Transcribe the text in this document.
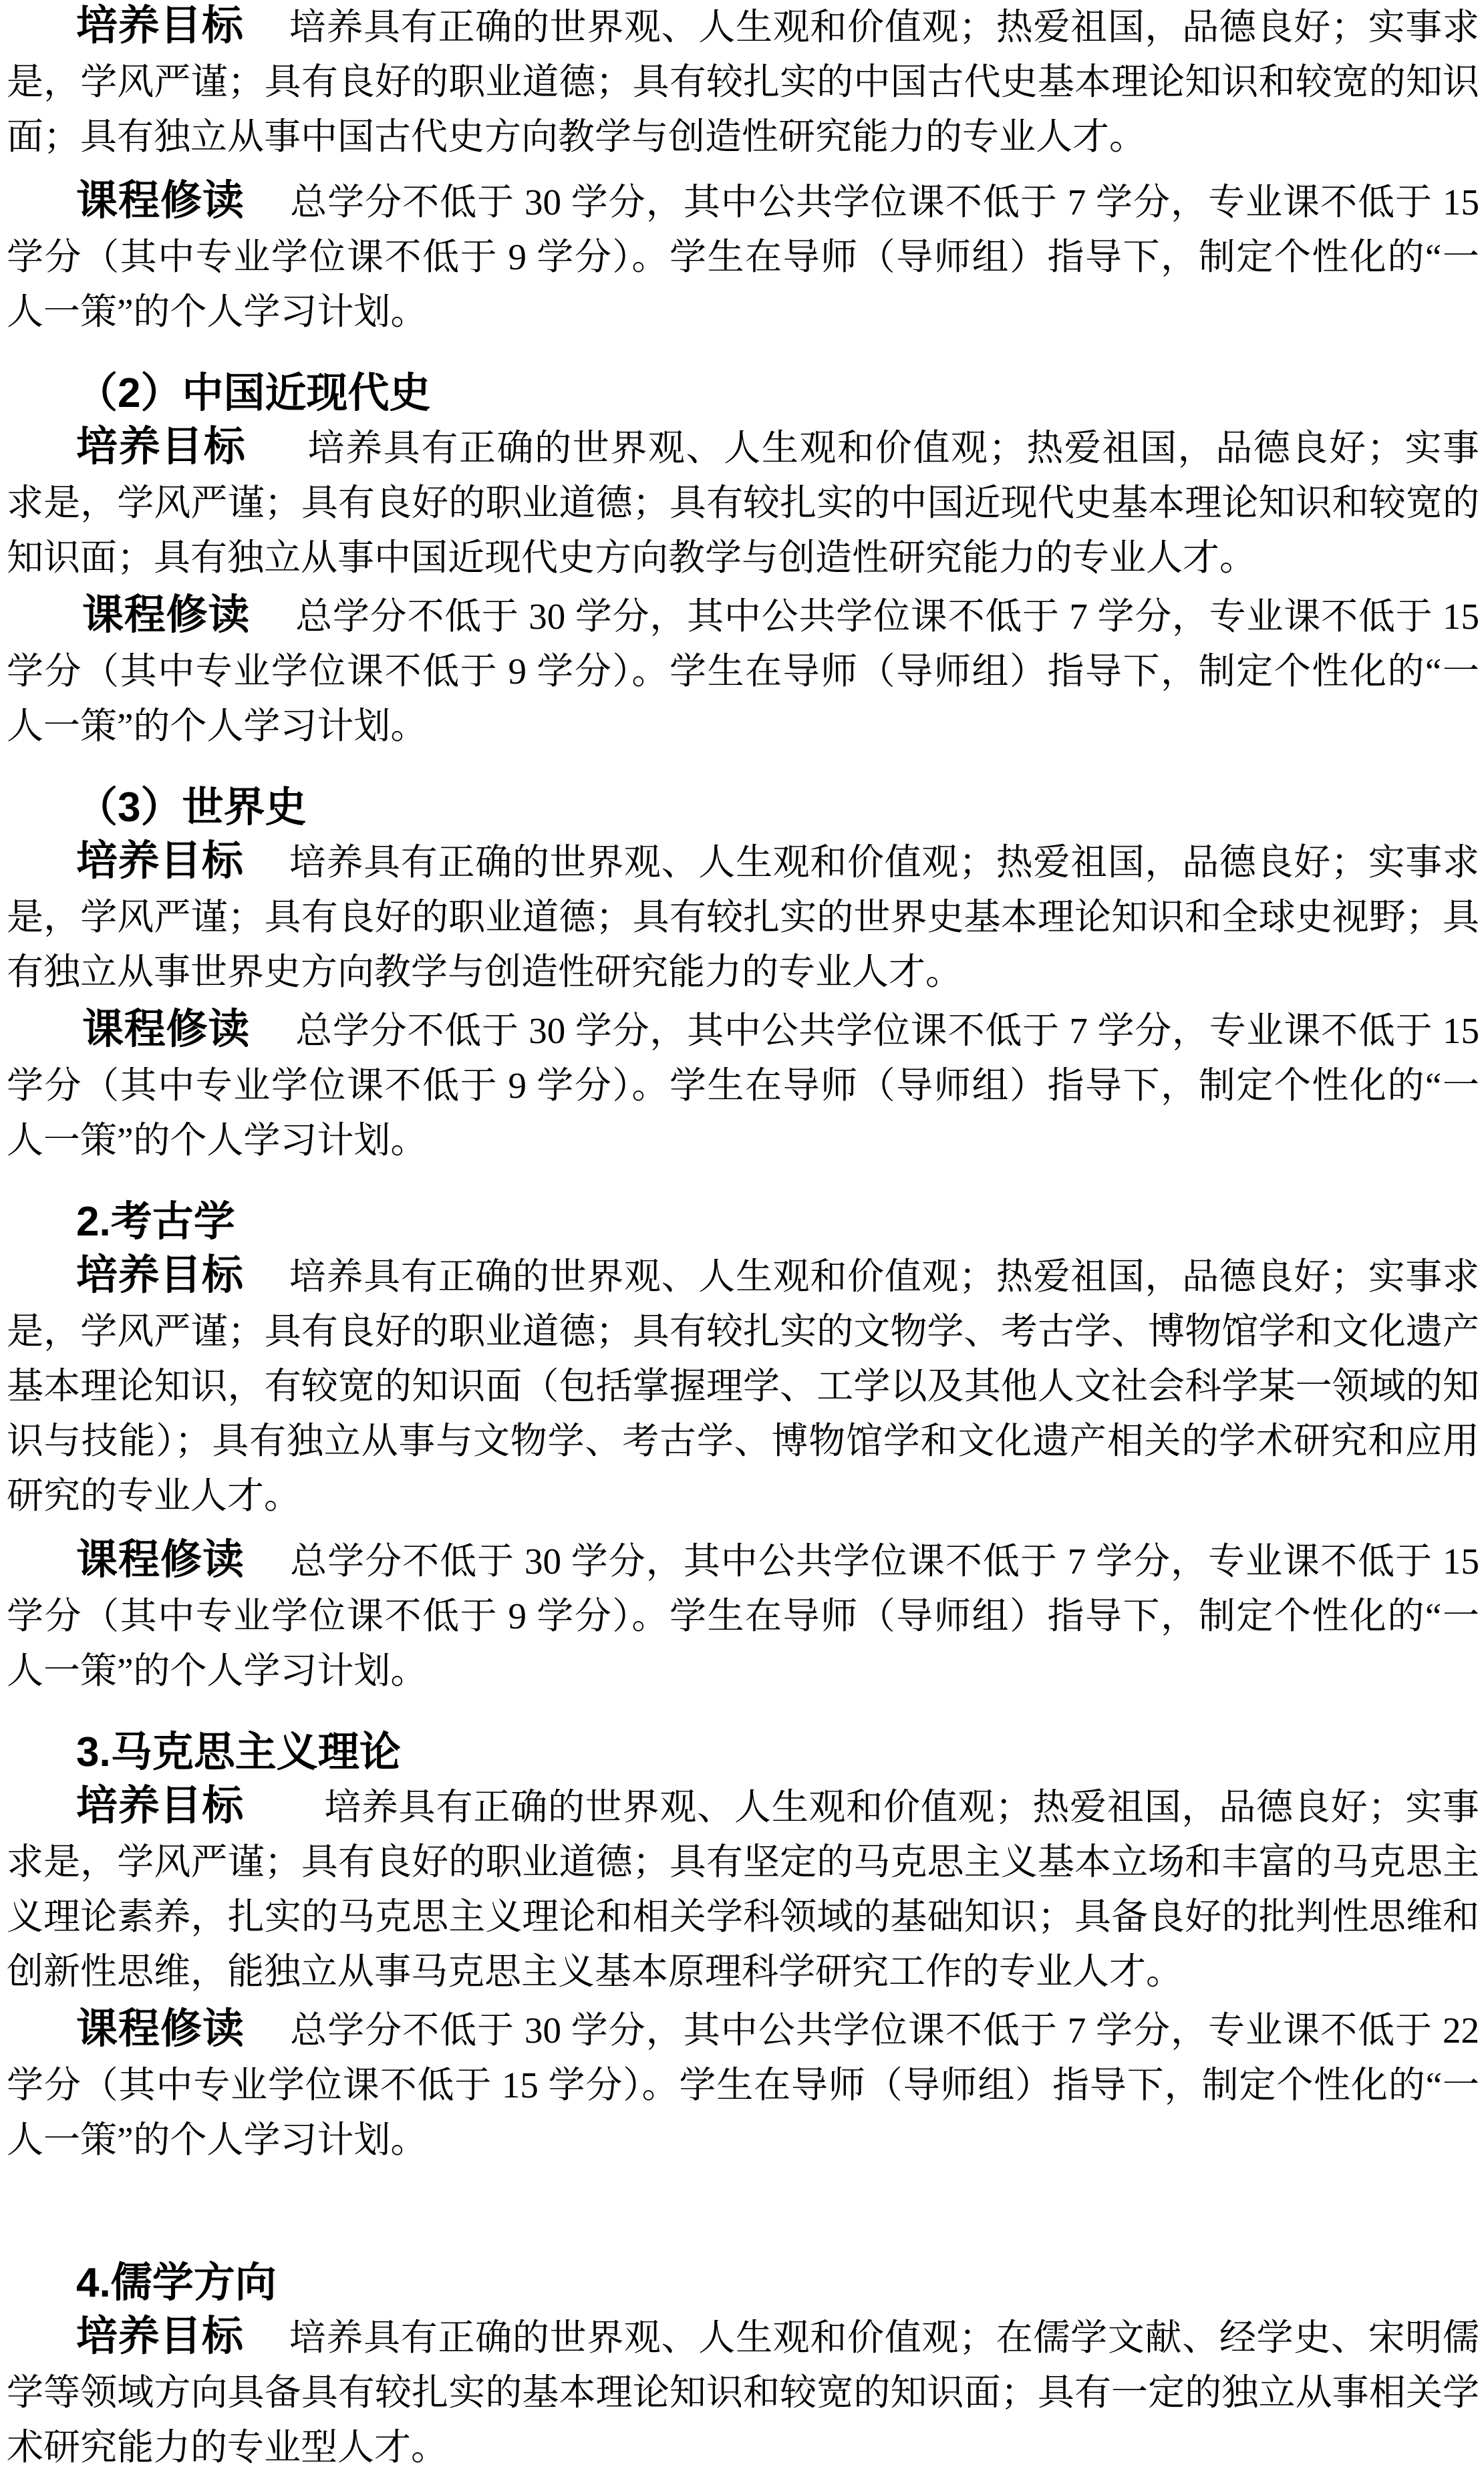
培养目标 培养具有正确的世界观、人生观和价值观；热爱祖国，品德良好；实事求
是，学风严谨；具有良好的职业道德；具有较扎实的中国古代史基本理论知识和较宽的知识
面；具有独立从事中国古代史方向教学与创造性研究能力的专业人才。
课程修读 总学分不低于 30 学分，其中公共学位课不低于 7 学分，专业课不低于 15
学分（其中专业学位课不低于 9 学分）。学生在导师（导师组）指导下，制定个性化的“一
人一策”的个人学习计划。
（2）中国近现代史
培养目标 培养具有正确的世界观、人生观和价值观；热爱祖国，品德良好；实事
求是，学风严谨；具有良好的职业道德；具有较扎实的中国近现代史基本理论知识和较宽的
知识面；具有独立从事中国近现代史方向教学与创造性研究能力的专业人才。
课程修读 总学分不低于 30 学分，其中公共学位课不低于 7 学分，专业课不低于 15
学分（其中专业学位课不低于 9 学分）。学生在导师（导师组）指导下，制定个性化的“一
人一策”的个人学习计划。
（3）世界史
培养目标 培养具有正确的世界观、人生观和价值观；热爱祖国，品德良好；实事求
是，学风严谨；具有良好的职业道德；具有较扎实的世界史基本理论知识和全球史视野；具
有独立从事世界史方向教学与创造性研究能力的专业人才。
课程修读 总学分不低于 30 学分，其中公共学位课不低于 7 学分，专业课不低于 15
学分（其中专业学位课不低于 9 学分）。学生在导师（导师组）指导下，制定个性化的“一
人一策”的个人学习计划。
2.考古学
培养目标 培养具有正确的世界观、人生观和价值观；热爱祖国，品德良好；实事求
是，学风严谨；具有良好的职业道德；具有较扎实的文物学、考古学、博物馆学和文化遗产
基本理论知识，有较宽的知识面（包括掌握理学、工学以及其他人文社会科学某一领域的知
识与技能）；具有独立从事与文物学、考古学、博物馆学和文化遗产相关的学术研究和应用
研究的专业人才。
课程修读 总学分不低于 30 学分，其中公共学位课不低于 7 学分，专业课不低于 15
学分（其中专业学位课不低于 9 学分）。学生在导师（导师组）指导下，制定个性化的“一
人一策”的个人学习计划。
3.马克思主义理论
培养目标 培养具有正确的世界观、人生观和价值观；热爱祖国，品德良好；实事
求是，学风严谨；具有良好的职业道德；具有坚定的马克思主义基本立场和丰富的马克思主
义理论素养，扎实的马克思主义理论和相关学科领域的基础知识；具备良好的批判性思维和
创新性思维，能独立从事马克思主义基本原理科学研究工作的专业人才。
课程修读 总学分不低于 30 学分，其中公共学位课不低于 7 学分，专业课不低于 22
学分（其中专业学位课不低于 15 学分）。学生在导师（导师组）指导下，制定个性化的“一
人一策”的个人学习计划。
4.儒学方向
培养目标 培养具有正确的世界观、人生观和价值观；在儒学文献、经学史、宋明儒
学等领域方向具备具有较扎实的基本理论知识和较宽的知识面；具有一定的独立从事相关学
术研究能力的专业型人才。
